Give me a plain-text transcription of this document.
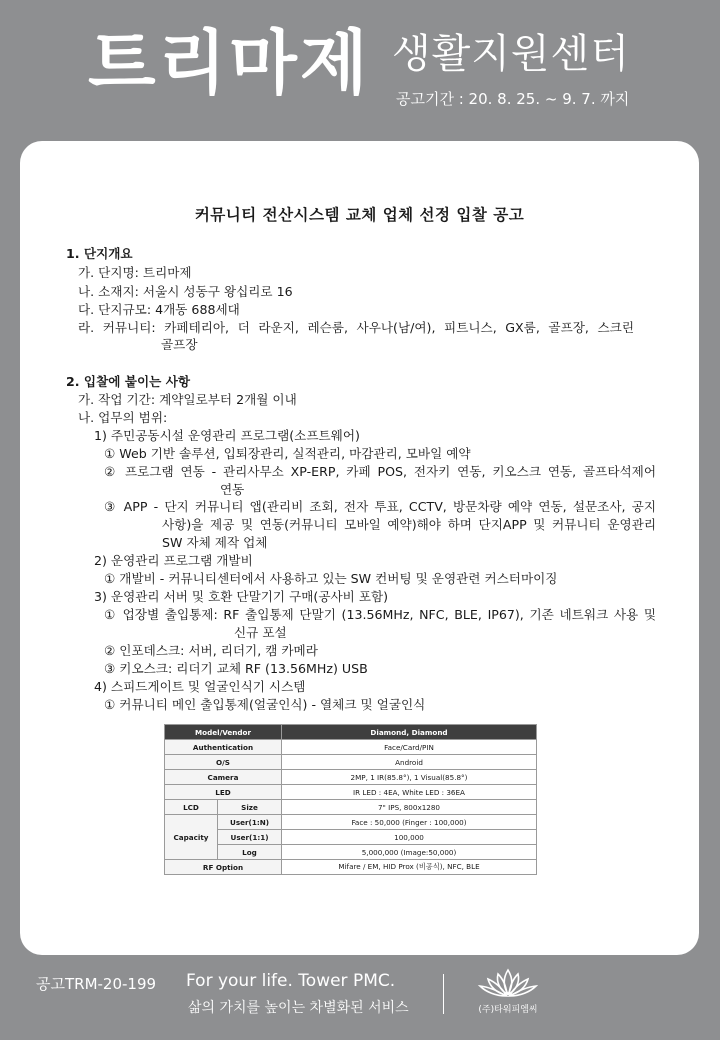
트리마제 생활지원센터
공고기간 : 20. 8. 25. ~ 9. 7. 까지
커뮤니티 전산시스템 교체 업체 선정 입찰 공고
1. 단지개요
가. 단지명: 트리마제
나. 소재지: 서울시 성동구 왕십리로 16
다. 단지규모: 4개동 688세대
라. 커뮤니티: 카페테리아, 더 라운지, 레슨룸, 사우나(남/여), 피트니스, GX룸, 골프장, 스크린
골프장
2. 입찰에 붙이는 사항
가. 작업 기간: 계약일로부터 2개월 이내
나. 업무의 범위:
1) 주민공동시설 운영관리 프로그램(소프트웨어)
① Web 기반 솔루션, 입퇴장관리, 실적관리, 마감관리, 모바일 예약
② 프로그램 연동 - 관리사무소 XP-ERP, 카페 POS, 전자키 연동, 키오스크 연동, 골프타석제어
연동
③ APP - 단지 커뮤니티 앱(관리비 조회, 전자 투표, CCTV, 방문차량 예약 연동, 설문조사, 공지
사항)을 제공 및 연동(커뮤니티 모바일 예약)해야 하며 단지APP 및 커뮤니티 운영관리
SW 자체 제작 업체
2) 운영관리 프로그램 개발비
① 개발비 - 커뮤니티센터에서 사용하고 있는 SW 컨버팅 및 운영관련 커스터마이징
3) 운영관리 서버 및 호환 단말기기 구매(공사비 포함)
① 업장별 출입통제: RF 출입통제 단말기 (13.56MHz, NFC, BLE, IP67), 기존 네트워크 사용 및
신규 포설
② 인포데스크: 서버, 리더기, 캠 카메라
③ 키오스크: 리더기 교체 RF (13.56MHz) USB
4) 스피드게이트 및 얼굴인식기 시스템
① 커뮤니티 메인 출입통제(얼굴인식) - 열체크 및 얼굴인식
Model/Vendor		Diamond, Diamond
Authentication		Face/Card/PIN
O/S		Android
Camera		2MP, 1 IR(85.8°), 1 Visual(85.8°)
LED		IR LED : 4EA, White LED : 36EA
LCD	Size	7" IPS, 800x1280
Capacity	User(1:N)	Face : 50,000 (Finger : 100,000)
	User(1:1)	100,000
	Log	5,000,000 (Image:50,000)
RF Option		Mifare / EM, HID Prox (비공식), NFC, BLE
공고TRM-20-199 For your life. Tower PMC.
삶의 가치를 높이는 차별화된 서비스	(주)타워피엠씨
